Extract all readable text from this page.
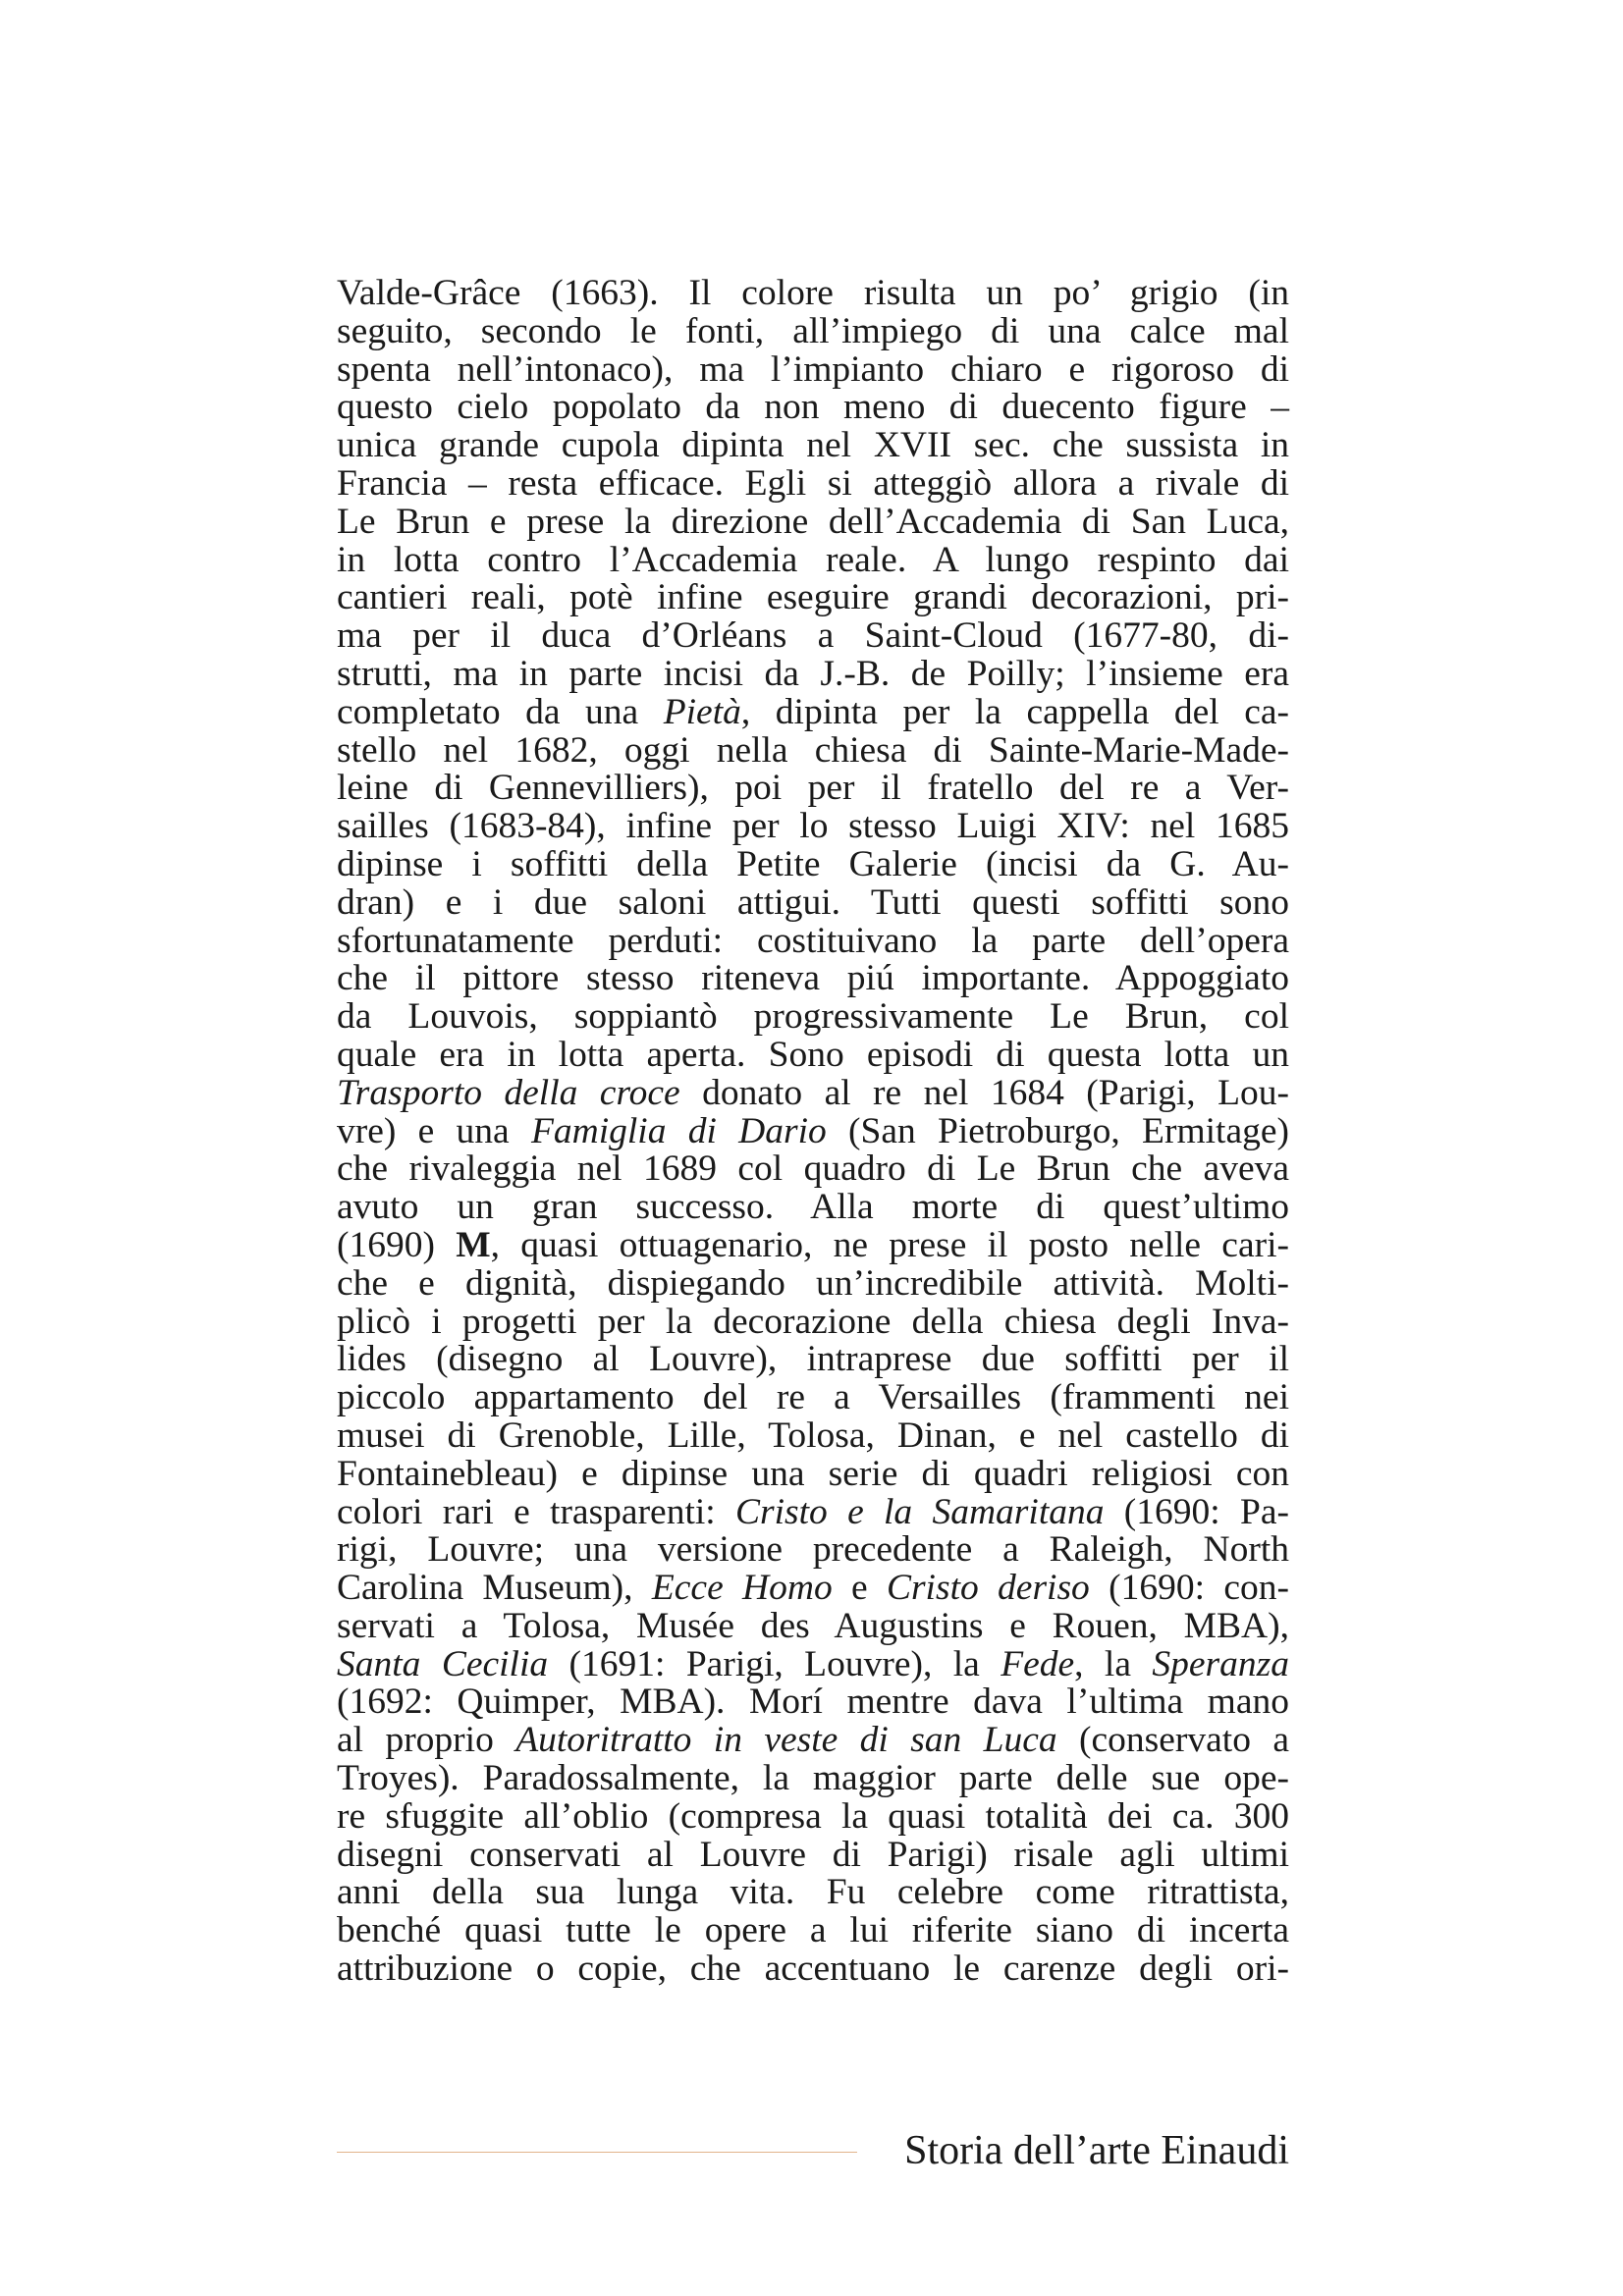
Valde-Grâce (1663). Il colore risulta un po’ grigio (in
seguito, secondo le fonti, all’impiego di una calce mal
spenta nell’intonaco), ma l’impianto chiaro e rigoroso di
questo cielo popolato da non meno di duecento figure –
unica grande cupola dipinta nel XVII sec. che sussista in
Francia – resta efficace. Egli si atteggiò allora a rivale di
Le Brun e prese la direzione dell’Accademia di San Luca,
in lotta contro l’Accademia reale. A lungo respinto dai
cantieri reali, potè infine eseguire grandi decorazioni, pri-
ma per il duca d’Orléans a Saint-Cloud (1677-80, di-
strutti, ma in parte incisi da J.-B. de Poilly; l’insieme era
completato da una Pietà, dipinta per la cappella del ca-
stello nel 1682, oggi nella chiesa di Sainte-Marie-Made-
leine di Gennevilliers), poi per il fratello del re a Ver-
sailles (1683-84), infine per lo stesso Luigi XIV: nel 1685
dipinse i soffitti della Petite Galerie (incisi da G. Au-
dran) e i due saloni attigui. Tutti questi soffitti sono
sfortunatamente perduti: costituivano la parte dell’opera
che il pittore stesso riteneva piú importante. Appoggiato
da Louvois, soppiantò progressivamente Le Brun, col
quale era in lotta aperta. Sono episodi di questa lotta un
Trasporto della croce donato al re nel 1684 (Parigi, Lou-
vre) e una Famiglia di Dario (San Pietroburgo, Ermitage)
che rivaleggia nel 1689 col quadro di Le Brun che aveva
avuto un gran successo. Alla morte di quest’ultimo
(1690) M, quasi ottuagenario, ne prese il posto nelle cari-
che e dignità, dispiegando un’incredibile attività. Molti-
plicò i progetti per la decorazione della chiesa degli Inva-
lides (disegno al Louvre), intraprese due soffitti per il
piccolo appartamento del re a Versailles (frammenti nei
musei di Grenoble, Lille, Tolosa, Dinan, e nel castello di
Fontainebleau) e dipinse una serie di quadri religiosi con
colori rari e trasparenti: Cristo e la Samaritana (1690: Pa-
rigi, Louvre; una versione precedente a Raleigh, North
Carolina Museum), Ecce Homo e Cristo deriso (1690: con-
servati a Tolosa, Musée des Augustins e Rouen, MBA),
Santa Cecilia (1691: Parigi, Louvre), la Fede, la Speranza
(1692: Quimper, MBA). Morí mentre dava l’ultima mano
al proprio Autoritratto in veste di san Luca (conservato a
Troyes). Paradossalmente, la maggior parte delle sue ope-
re sfuggite all’oblio (compresa la quasi totalità dei ca. 300
disegni conservati al Louvre di Parigi) risale agli ultimi
anni della sua lunga vita. Fu celebre come ritrattista,
benché quasi tutte le opere a lui riferite siano di incerta
attribuzione o copie, che accentuano le carenze degli ori-
Storia dell’arte Einaudi
